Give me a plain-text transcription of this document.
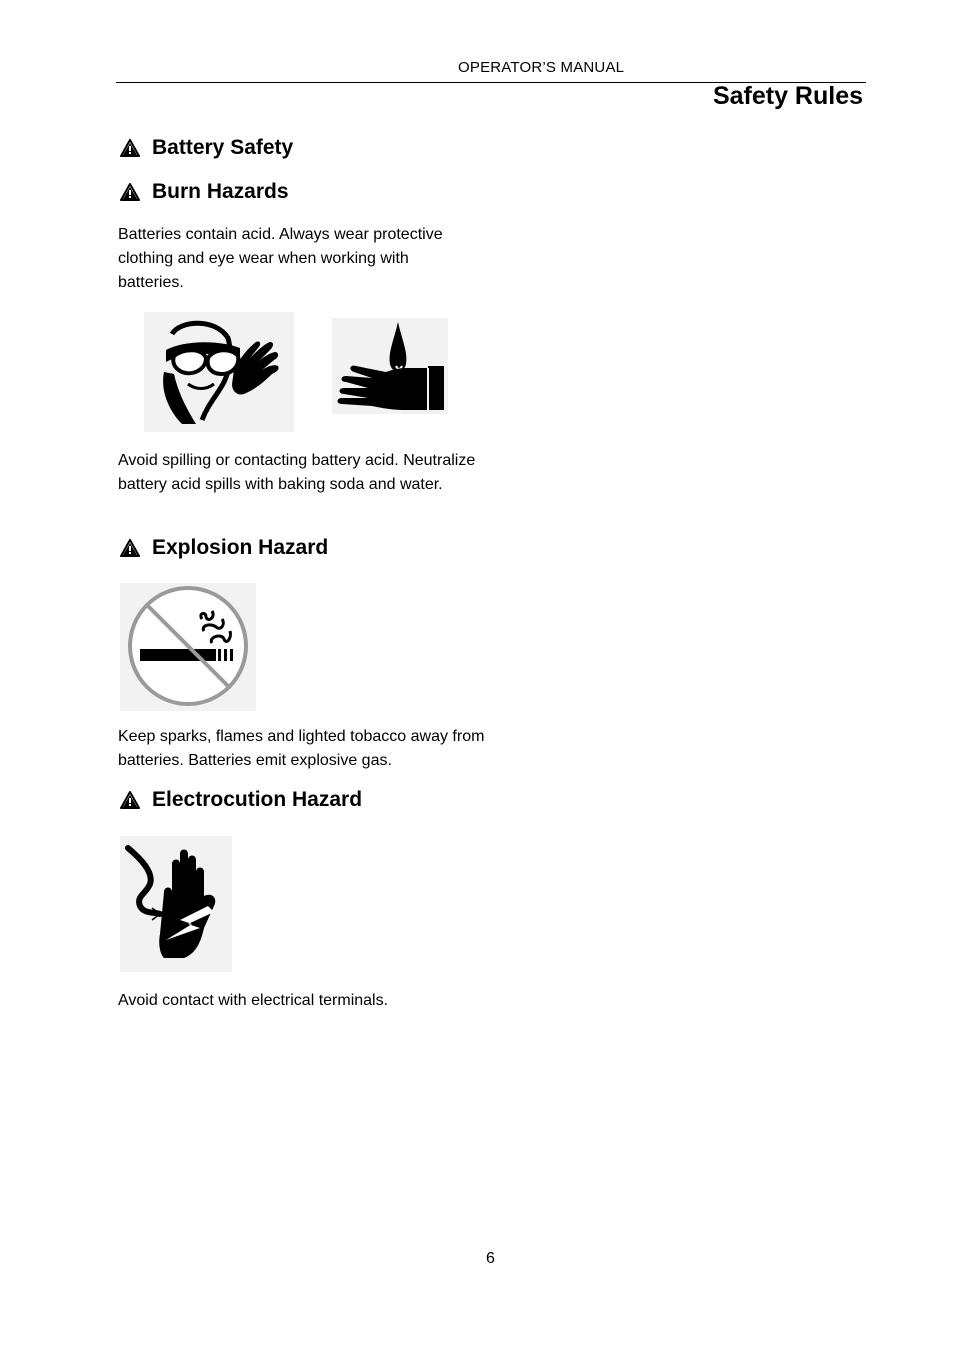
OPERATOR’S MANUAL
Safety Rules
Battery Safety
Burn Hazards

Batteries contain acid. Always wear protective clothing and eye wear when working with batteries.

Avoid spilling or contacting battery acid. Neutralize battery acid spills with baking soda and water.

Explosion Hazard

Keep sparks, flames and lighted tobacco away from batteries. Batteries emit explosive gas.

Electrocution Hazard

Avoid contact with electrical terminals.

6
